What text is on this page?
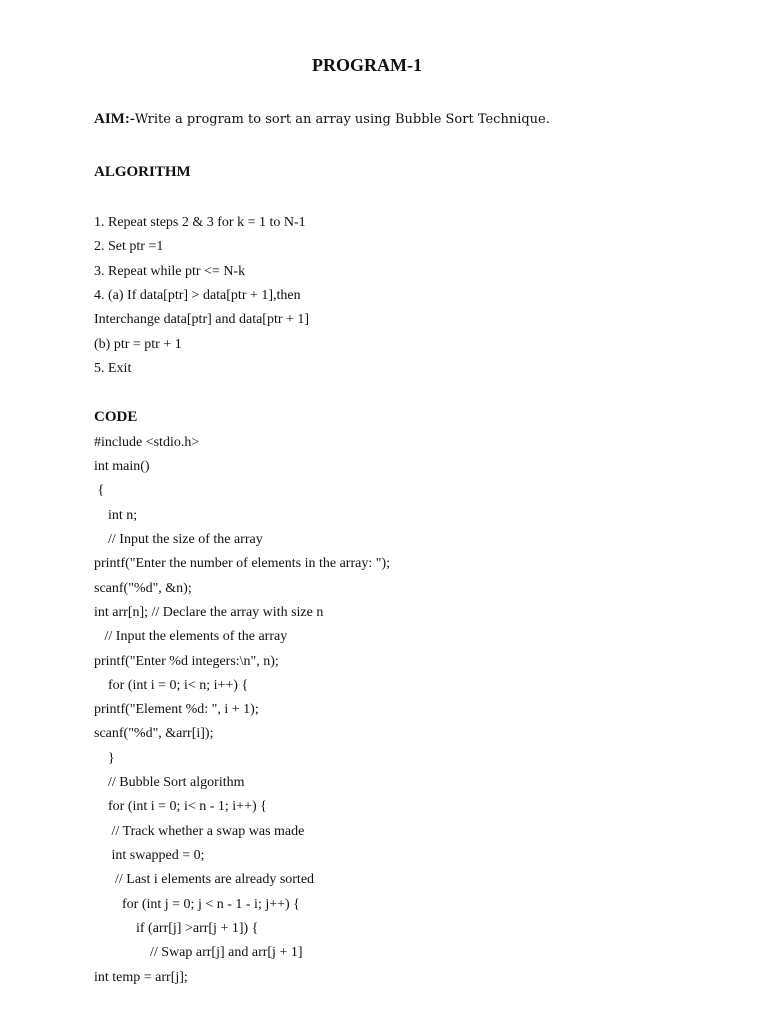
PROGRAM-1
AIM:-Write a program to sort an array using Bubble Sort Technique.
ALGORITHM
1. Repeat steps 2 & 3 for k = 1 to N-1
2. Set ptr =1
3. Repeat while ptr <= N-k
4. (a) If data[ptr] > data[ptr + 1],then
Interchange data[ptr] and data[ptr + 1]
(b) ptr = ptr + 1
5. Exit
CODE
#include <stdio.h>
int main()
{
int n;
// Input the size of the array
printf("Enter the number of elements in the array: ");
scanf("%d", &n);
int arr[n]; // Declare the array with size n
// Input the elements of the array
printf("Enter %d integers:\n", n);
for (int i = 0; i< n; i++) {
printf("Element %d: ", i + 1);
scanf("%d", &arr[i]);
}
// Bubble Sort algorithm
for (int i = 0; i< n - 1; i++) {
// Track whether a swap was made
int swapped = 0;
// Last i elements are already sorted
for (int j = 0; j < n - 1 - i; j++) {
if (arr[j] >arr[j + 1]) {
// Swap arr[j] and arr[j + 1]
int temp = arr[j];
